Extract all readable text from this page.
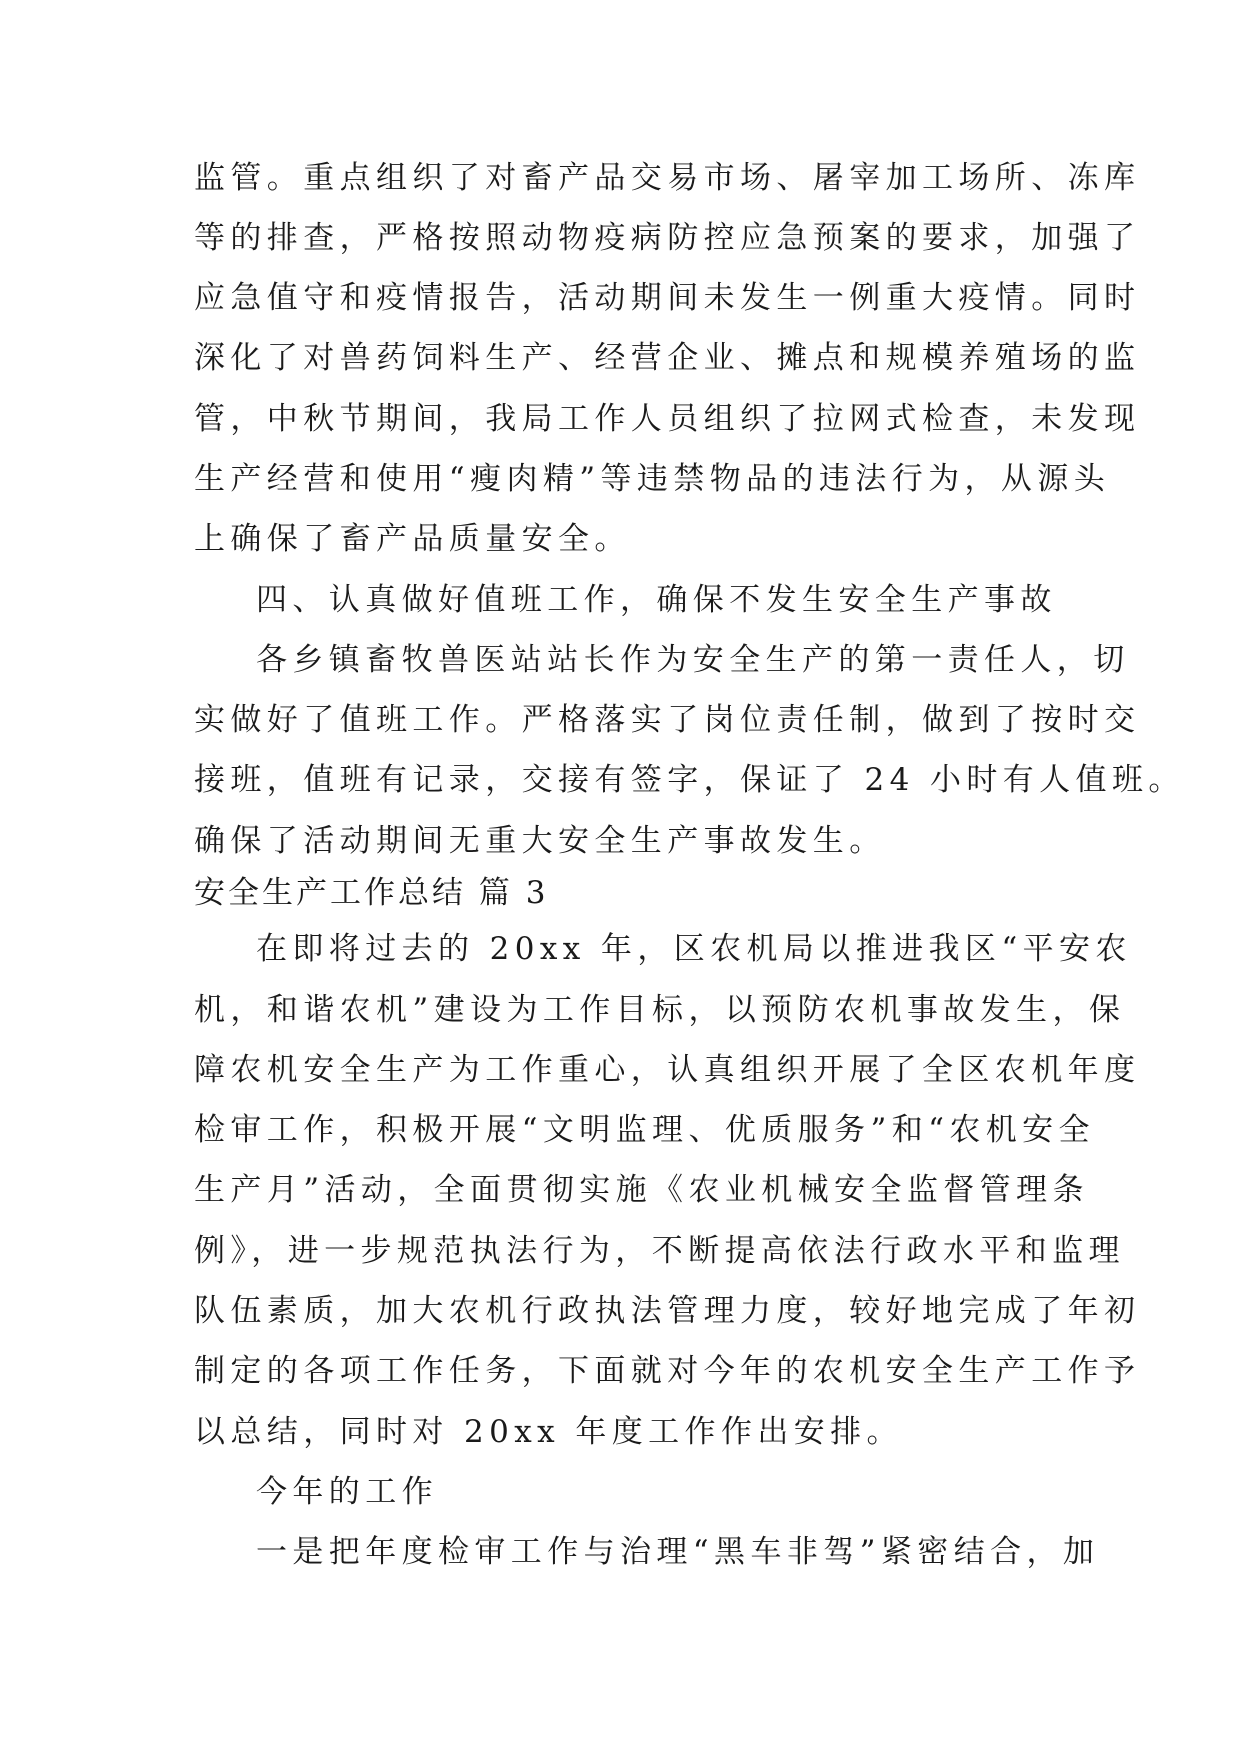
监管。重点组织了对畜产品交易市场、屠宰加工场所、冻库
等的排查，严格按照动物疫病防控应急预案的要求，加强了
应急值守和疫情报告，活动期间未发生一例重大疫情。同时
深化了对兽药饲料生产、经营企业、摊点和规模养殖场的监
管，中秋节期间，我局工作人员组织了拉网式检查，未发现
生产经营和使用“瘦肉精”等违禁物品的违法行为，从源头
上确保了畜产品质量安全。
四、认真做好值班工作，确保不发生安全生产事故
各乡镇畜牧兽医站站长作为安全生产的第一责任人，切
实做好了值班工作。严格落实了岗位责任制，做到了按时交
接班，值班有记录，交接有签字，保证了 24 小时有人值班。
确保了活动期间无重大安全生产事故发生。
安全生产工作总结 篇 3
在即将过去的 20xx 年，区农机局以推进我区“平安农
机，和谐农机”建设为工作目标，以预防农机事故发生，保
障农机安全生产为工作重心，认真组织开展了全区农机年度
检审工作，积极开展“文明监理、优质服务”和“农机安全
生产月”活动，全面贯彻实施《农业机械安全监督管理条
例》，进一步规范执法行为，不断提高依法行政水平和监理
队伍素质，加大农机行政执法管理力度，较好地完成了年初
制定的各项工作任务，下面就对今年的农机安全生产工作予
以总结，同时对 20xx 年度工作作出安排。
今年的工作
一是把年度检审工作与治理“黑车非驾”紧密结合，加
